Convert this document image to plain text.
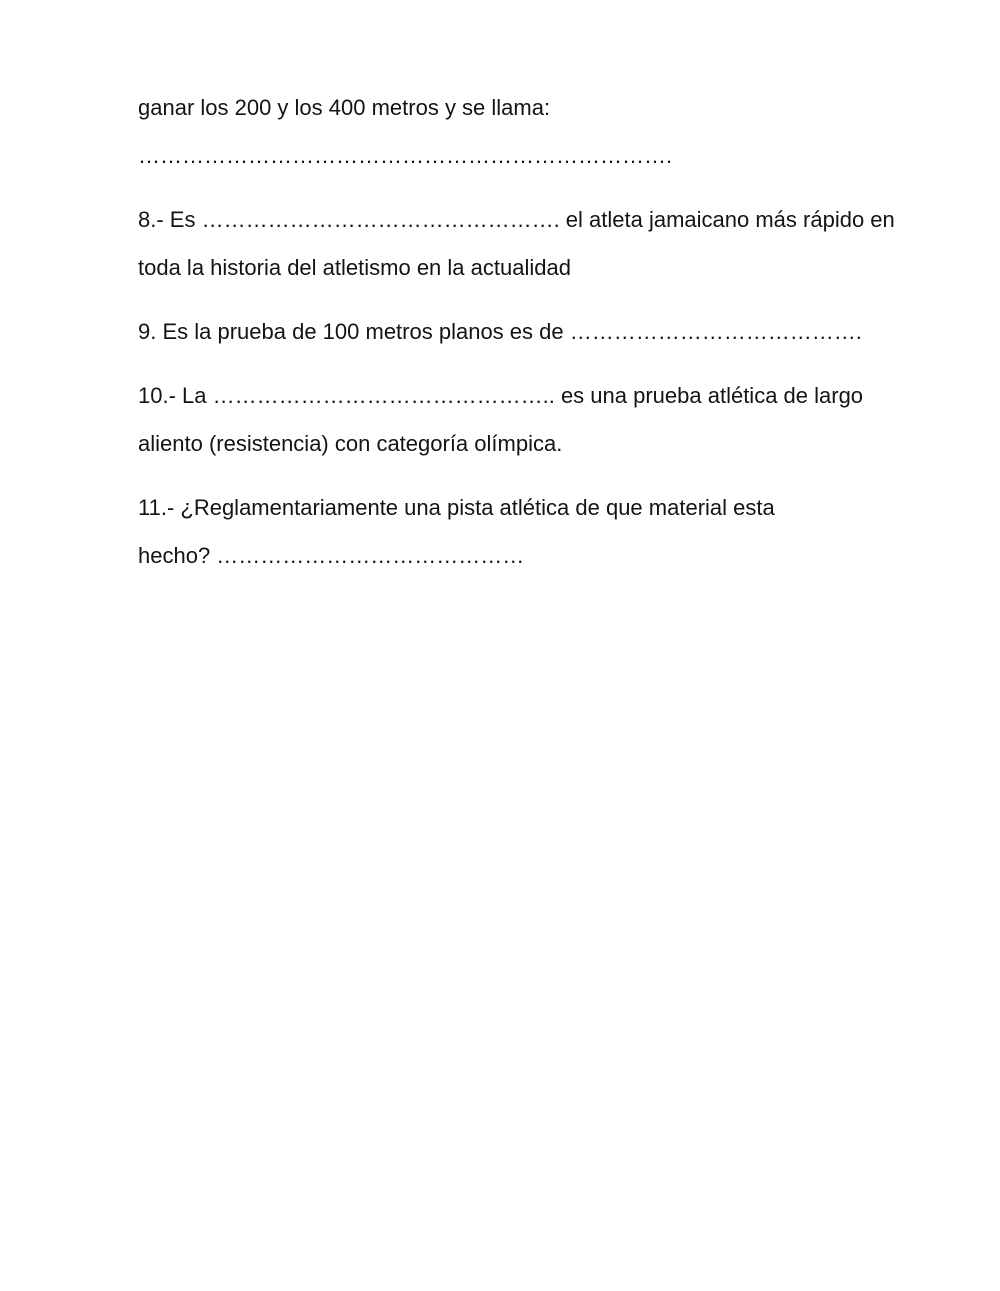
ganar los 200 y los 400 metros y se llama:
……………………………………………………………….
8.- Es …………………………………………. el atleta jamaicano más rápido en
toda la historia del atletismo en la actualidad
9. Es la prueba de 100 metros planos es de ………………………………….
10.- La ……………………………………….. es una prueba atlética de largo
aliento (resistencia) con categoría olímpica.
11.- ¿Reglamentariamente una pista atlética de que material esta
hecho? ……………………………………
